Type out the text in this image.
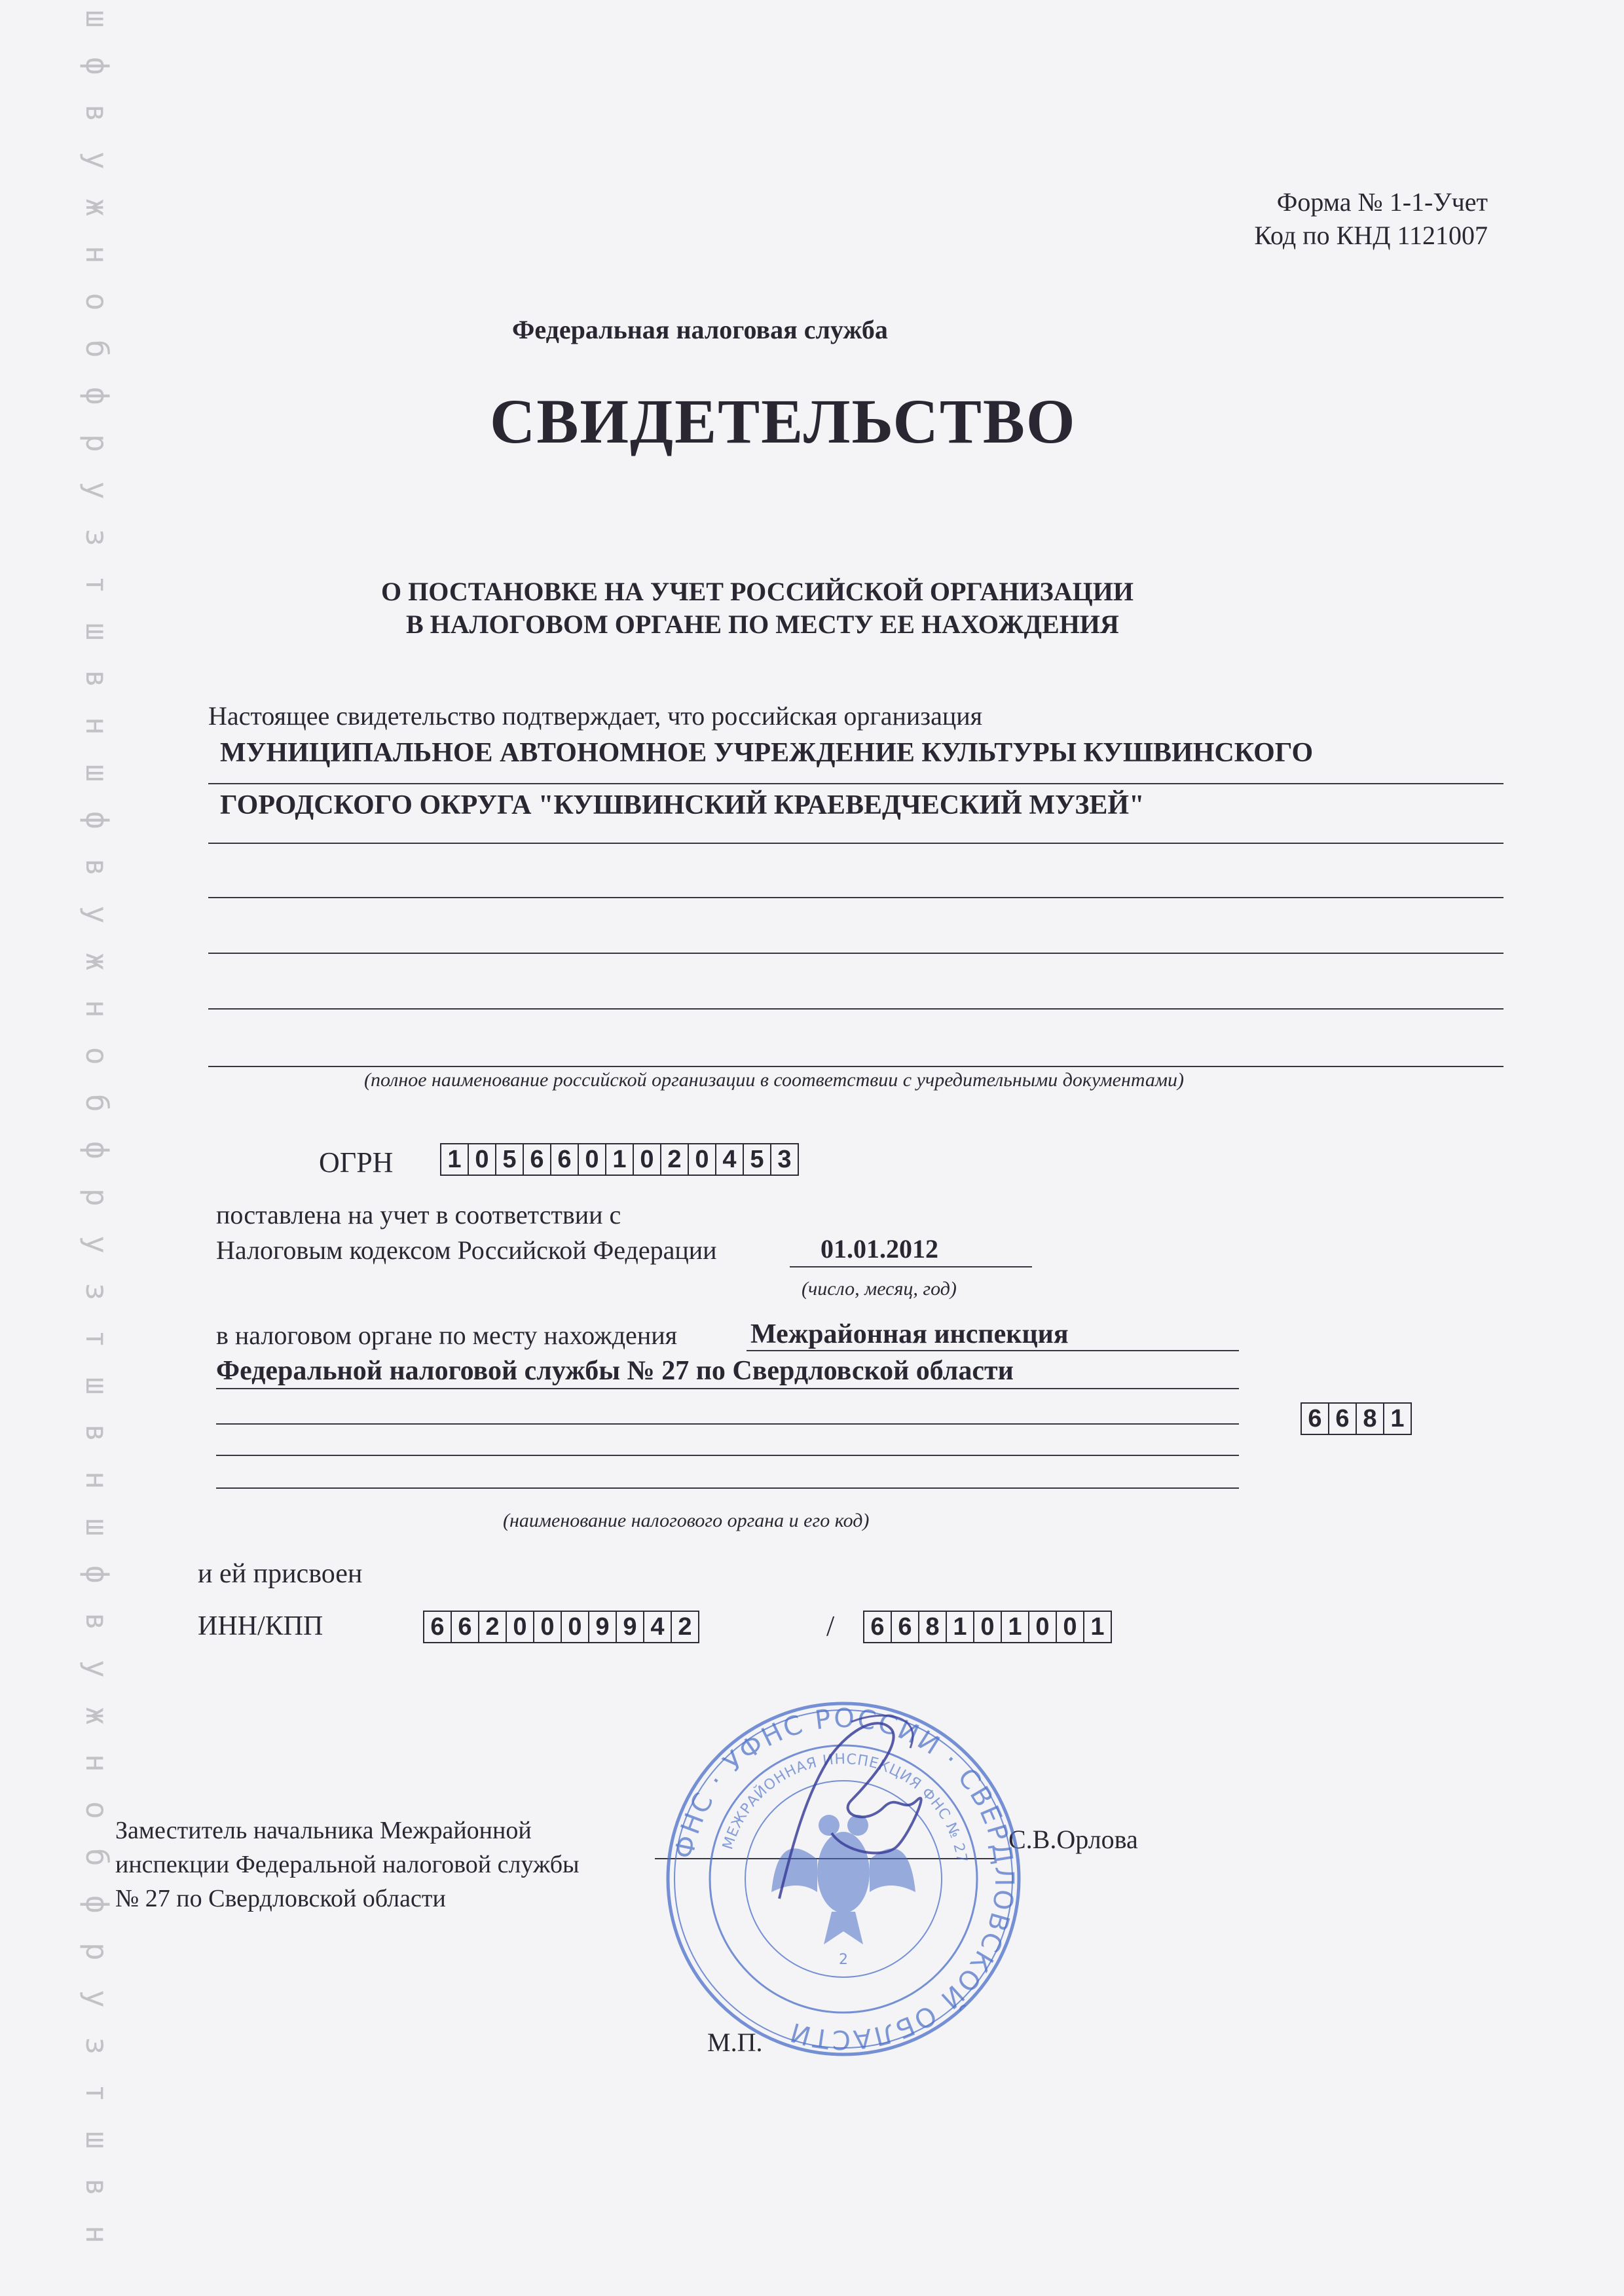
ш
ф
в
у
ж
н
о
б
ф
р
у
з
т
ш
в
н
ш
ф
в
у
ж
н
о
б
ф
р
у
з
т
ш
в
н
ш
ф
в
у
ж
н
о
б
ф
р
у
з
т
ш
в
н
Форма № 1-1-Учет
Код по КНД 1121007
Федеральная налоговая служба
СВИДЕТЕЛЬСТВО
О ПОСТАНОВКЕ НА УЧЕТ РОССИЙСКОЙ ОРГАНИЗАЦИИ
В НАЛОГОВОМ ОРГАНЕ ПО МЕСТУ ЕЕ НАХОЖДЕНИЯ
Настоящее свидетельство подтверждает, что российская организация
МУНИЦИПАЛЬНОЕ АВТОНОМНОЕ УЧРЕЖДЕНИЕ КУЛЬТУРЫ КУШВИНСКОГО
ГОРОДСКОГО ОКРУГА "КУШВИНСКИЙ КРАЕВЕДЧЕСКИЙ МУЗЕЙ"
(полное наименование российской организации в соответствии с учредительными документами)
ОГРН 1 0 5 6 6 0 1 0 2 0 4 5 3
поставлена на учет в соответствии с
Налоговым кодексом Российской Федерации	01.01.2012
(число, месяц, год)
в налоговом органе по месту нахождения	Межрайонная инспекция
Федеральной налоговой службы № 27 по Свердловской области
6 6 8 1
(наименование налогового органа и его код)
и ей присвоен
ИНН/КПП	6 6 2 0 0 0 9 9 4 2	/ 6 6 8 1 0 1 0 0 1
Заместитель начальника Межрайонной
инспекции Федеральной налоговой службы
№ 27 по Свердловской области
С.В.Орлова
ФНС · УФНС РОССИИ · СВЕРДЛОВСКОЙ ОБЛАСТИ
МЕЖРАЙОННАЯ ИНСПЕКЦИЯ ФНС № 27
2
М.П.
